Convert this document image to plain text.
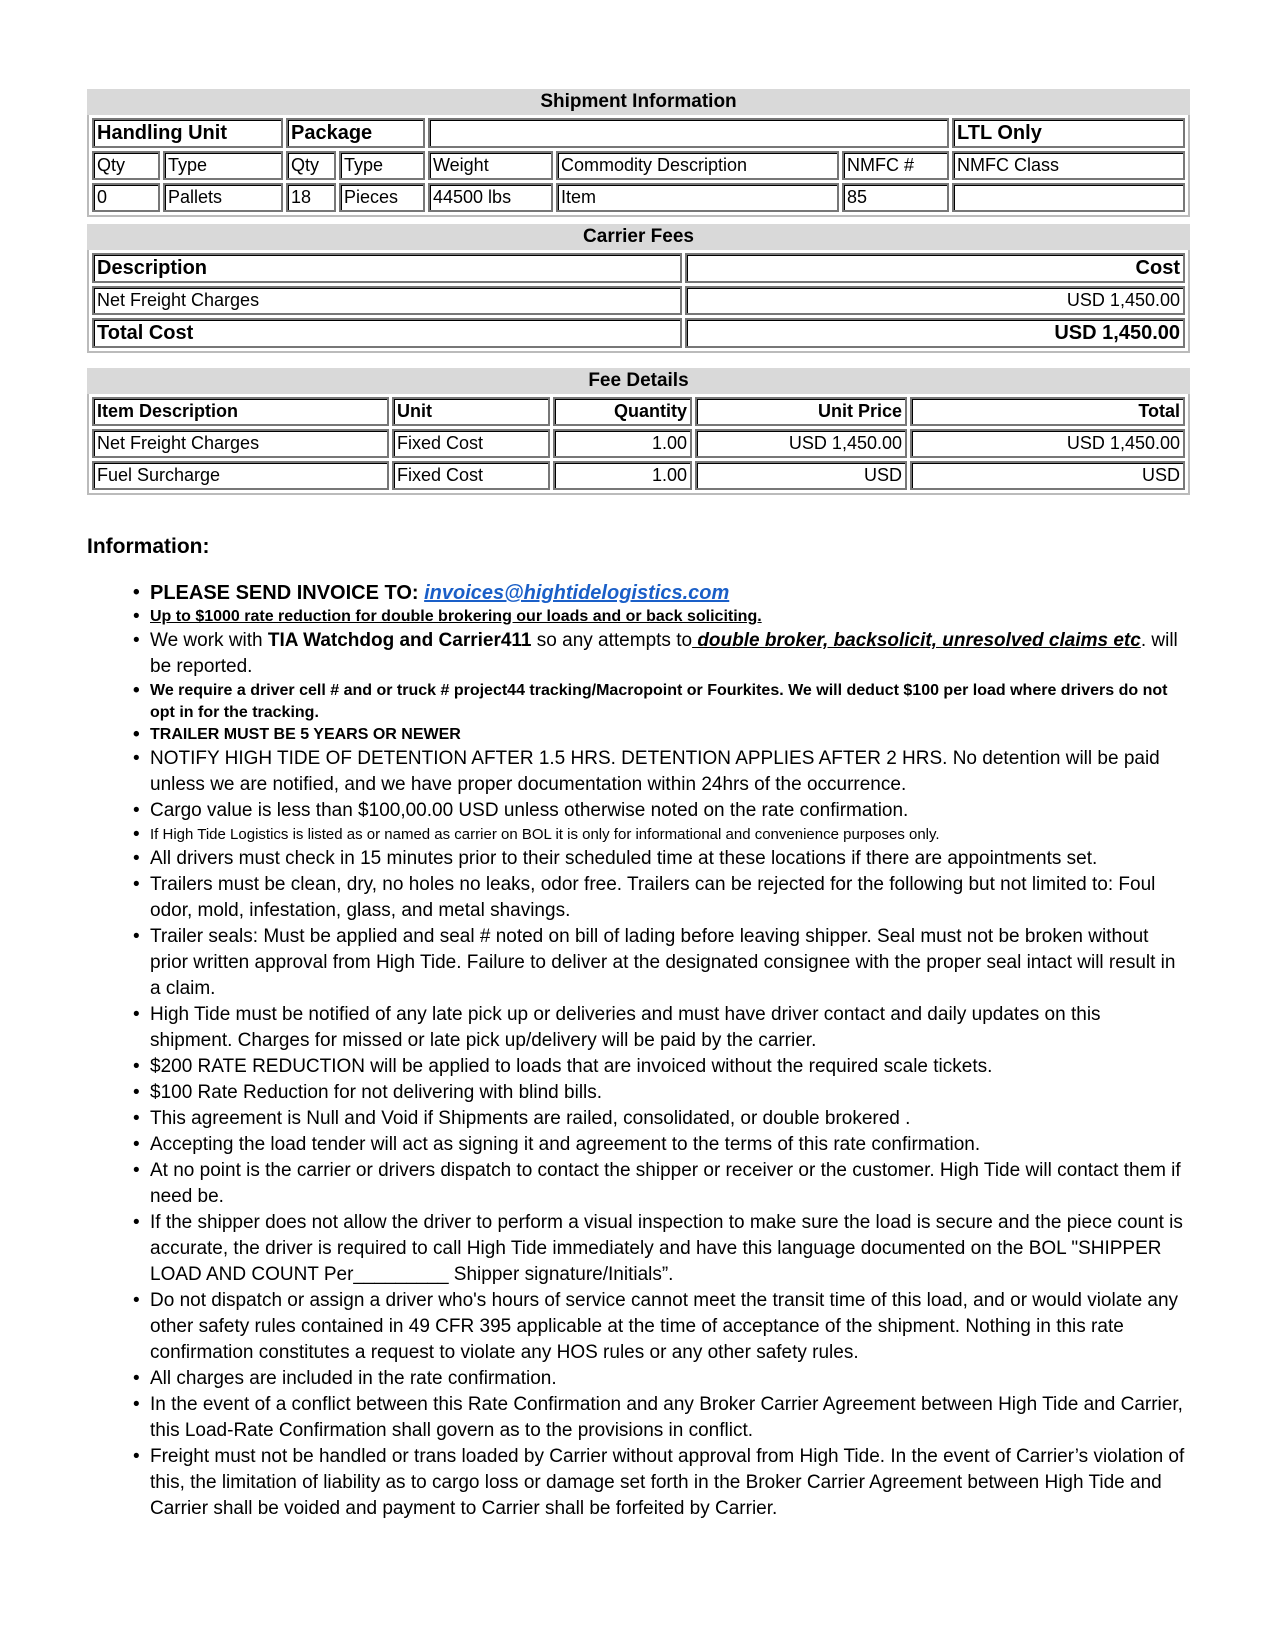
Shipment Information
Handling Unit		Package					LTL Only
Qty	Type	Qty	Type	Weight	Commodity Description	NMFC #	NMFC Class
0	Pallets	18	Pieces	44500 lbs	Item	85	
Carrier Fees
Description	Cost
Net Freight Charges	USD 1,450.00
Total Cost	USD 1,450.00
Fee Details
Item Description	Unit	Quantity	Unit Price	Total
Net Freight Charges	Fixed Cost	1.00	USD 1,450.00	USD 1,450.00
Fuel Surcharge	Fixed Cost	1.00	USD	USD
Information:
• PLEASE SEND INVOICE TO: invoices@hightidelogistics.com
• Up to $1000 rate reduction for double brokering our loads and or back soliciting.
• We work with TIA Watchdog and Carrier411 so any attempts to double broker, backsolicit, unresolved claims etc. will be reported.
• We require a driver cell # and or truck # project44 tracking/Macropoint or Fourkites. We will deduct $100 per load where drivers do not opt in for the tracking.
• TRAILER MUST BE 5 YEARS OR NEWER
• NOTIFY HIGH TIDE OF DETENTION AFTER 1.5 HRS. DETENTION APPLIES AFTER 2 HRS. No detention will be paid unless we are notified, and we have proper documentation within 24hrs of the occurrence.
• Cargo value is less than $100,00.00 USD unless otherwise noted on the rate confirmation.
• If High Tide Logistics is listed as or named as carrier on BOL it is only for informational and convenience purposes only.
• All drivers must check in 15 minutes prior to their scheduled time at these locations if there are appointments set.
• Trailers must be clean, dry, no holes no leaks, odor free. Trailers can be rejected for the following but not limited to: Foul odor, mold, infestation, glass, and metal shavings.
• Trailer seals: Must be applied and seal # noted on bill of lading before leaving shipper. Seal must not be broken without prior written approval from High Tide. Failure to deliver at the designated consignee with the proper seal intact will result in a claim.
• High Tide must be notified of any late pick up or deliveries and must have driver contact and daily updates on this shipment. Charges for missed or late pick up/delivery will be paid by the carrier.
• $200 RATE REDUCTION will be applied to loads that are invoiced without the required scale tickets.
• $100 Rate Reduction for not delivering with blind bills.
• This agreement is Null and Void if Shipments are railed, consolidated, or double brokered .
• Accepting the load tender will act as signing it and agreement to the terms of this rate confirmation.
• At no point is the carrier or drivers dispatch to contact the shipper or receiver or the customer. High Tide will contact them if need be.
• If the shipper does not allow the driver to perform a visual inspection to make sure the load is secure and the piece count is accurate, the driver is required to call High Tide immediately and have this language documented on the BOL "SHIPPER LOAD AND COUNT Per_________ Shipper signature/Initials”.
• Do not dispatch or assign a driver who's hours of service cannot meet the transit time of this load, and or would violate any other safety rules contained in 49 CFR 395 applicable at the time of acceptance of the shipment. Nothing in this rate confirmation constitutes a request to violate any HOS rules or any other safety rules.
• All charges are included in the rate confirmation.
• In the event of a conflict between this Rate Confirmation and any Broker Carrier Agreement between High Tide and Carrier, this Load-Rate Confirmation shall govern as to the provisions in conflict.
• Freight must not be handled or trans loaded by Carrier without approval from High Tide. In the event of Carrier’s violation of this, the limitation of liability as to cargo loss or damage set forth in the Broker Carrier Agreement between High Tide and Carrier shall be voided and payment to Carrier shall be forfeited by Carrier.
